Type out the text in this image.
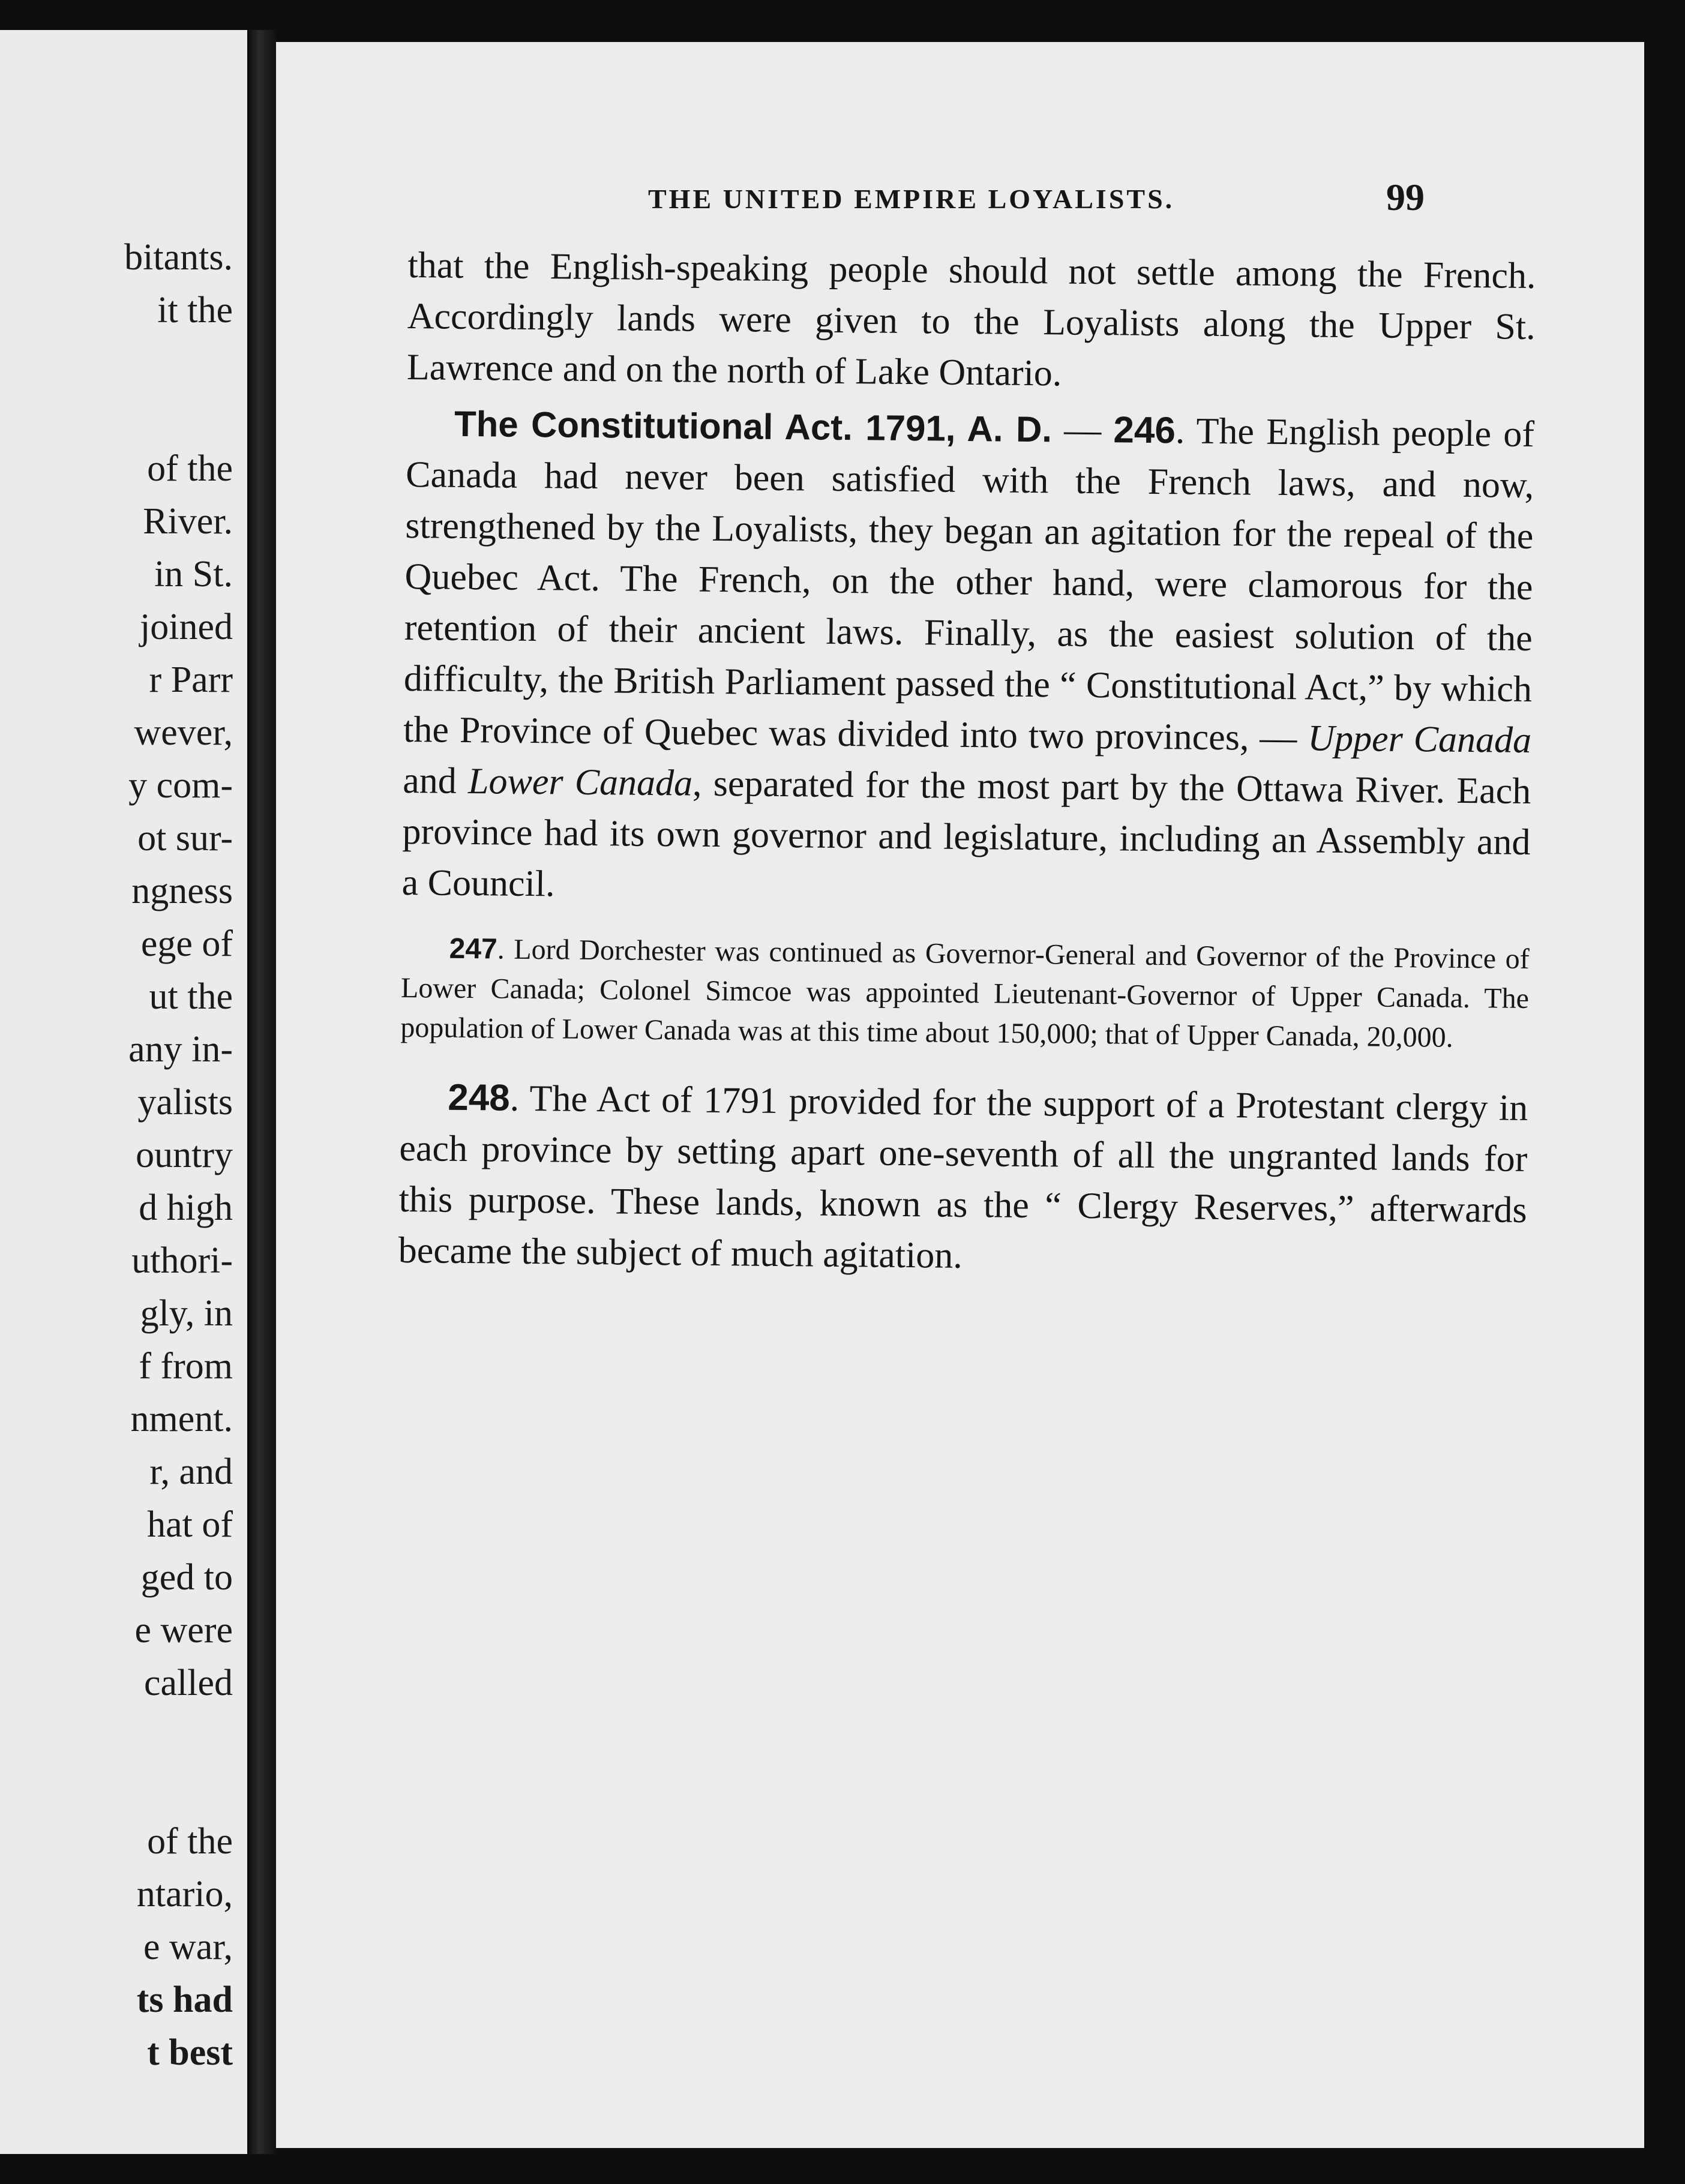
bitants.
it the
of the
River.
in St.
joined
r Parr
wever,
y com-
ot sur-
ngness
ege of
ut the
any in-
yalists
ountry
d high
uthori-
gly, in
f from
nment.
r, and
hat of
ged to
e were
called
of the
ntario,
e war,
ts had
t best
THE UNITED EMPIRE LOYALISTS.	99

that the English-speaking people should not settle among the French. Accordingly lands were given to the Loyalists along the Upper St. Lawrence and on the north of Lake Ontario.

The Constitutional Act. 1791, A. D. — 246. The English people of Canada had never been satisfied with the French laws, and now, strengthened by the Loyalists, they began an agitation for the repeal of the Quebec Act. The French, on the other hand, were clamorous for the retention of their ancient laws. Finally, as the easiest solution of the difficulty, the British Parliament passed the “ Constitutional Act,” by which the Province of Quebec was divided into two provinces, — Upper Canada and Lower Canada, separated for the most part by the Ottawa River. Each province had its own governor and legislature, including an Assembly and a Council.

247. Lord Dorchester was continued as Governor-General and Governor of the Province of Lower Canada; Colonel Simcoe was appointed Lieutenant-Governor of Upper Canada. The population of Lower Canada was at this time about 150,000; that of Upper Canada, 20,000.

248. The Act of 1791 provided for the support of a Protestant clergy in each province by setting apart one-seventh of all the ungranted lands for this purpose. These lands, known as the “ Clergy Reserves,” afterwards became the subject of much agitation.
